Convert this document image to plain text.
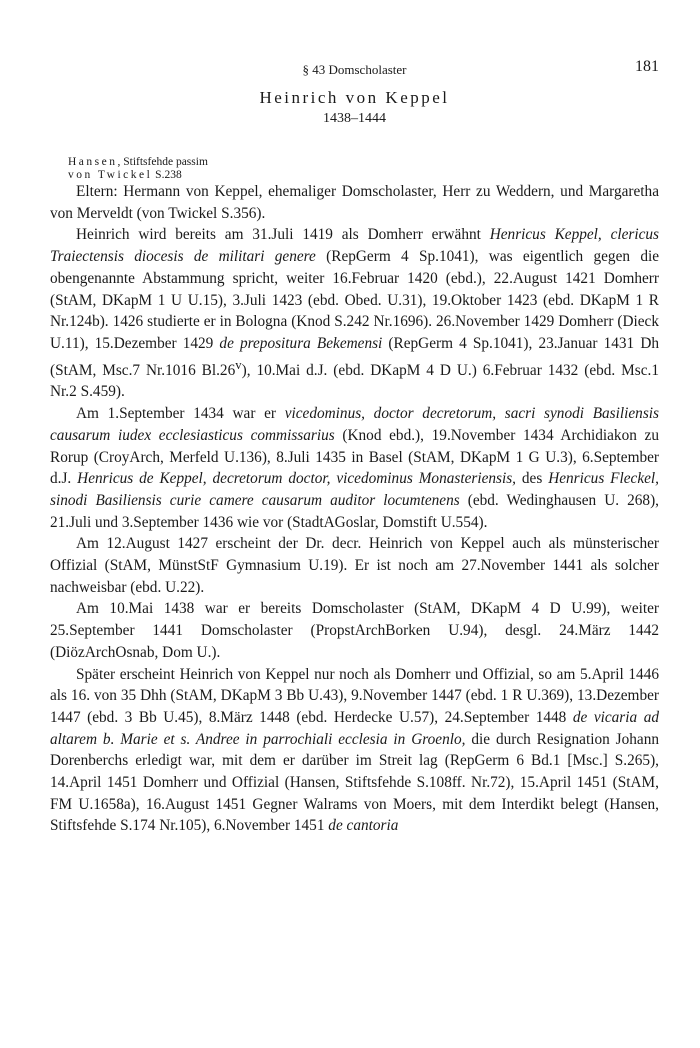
§ 43 Domscholaster	181
Heinrich von Keppel
1438–1444
Hansen, Stiftsfehde passim
von Twickel S.238

Eltern: Hermann von Keppel, ehemaliger Domscholaster, Herr zu Weddern, und Margaretha von Merveldt (von Twickel S.356).

Heinrich wird bereits am 31.Juli 1419 als Domherr erwähnt Henricus Keppel, clericus Traiectensis diocesis de militari genere (RepGerm 4 Sp.1041), was eigentlich gegen die obengenannte Abstammung spricht, weiter 16.Februar 1420 (ebd.), 22.August 1421 Domherr (StAM, DKapM 1 U U.15), 3.Juli 1423 (ebd. Obed. U.31), 19.Oktober 1423 (ebd. DKapM 1 R Nr.124b). 1426 studierte er in Bologna (Knod S.242 Nr.1696). 26.November 1429 Domherr (Dieck U.11), 15.Dezember 1429 de prepositura Bekemensi (RepGerm 4 Sp.1041), 23.Januar 1431 Dh (StAM, Msc.7 Nr.1016 Bl.26$^v$), 10.Mai d.J. (ebd. DKapM 4 D U.) 6.Februar 1432 (ebd. Msc.1 Nr.2 S.459).

Am 1.September 1434 war er vicedominus, doctor decretorum, sacri synodi Basiliensis causarum iudex ecclesiasticus commissarius (Knod ebd.), 19.November 1434 Archidiakon zu Rorup (CroyArch, Merfeld U.136), 8.Juli 1435 in Basel (StAM, DKapM 1 G U.3), 6.September d.J. Henricus de Keppel, decretorum doctor, vicedominus Monasteriensis, des Henricus Fleckel, sinodi Basiliensis curie camere causarum auditor locumtenens (ebd. Wedinghausen U. 268), 21.Juli und 3.September 1436 wie vor (StadtAGoslar, Domstift U.554).

Am 12.August 1427 erscheint der Dr. decr. Heinrich von Keppel auch als münsterischer Offizial (StAM, MünstStF Gymnasium U.19). Er ist noch am 27.November 1441 als solcher nachweisbar (ebd. U.22).

Am 10.Mai 1438 war er bereits Domscholaster (StAM, DKapM 4 D U.99), weiter 25.September 1441 Domscholaster (PropstArchBorken U.94), desgl. 24.März 1442 (DiözArchOsnab, Dom U.).

Später erscheint Heinrich von Keppel nur noch als Domherr und Offizial, so am 5.April 1446 als 16. von 35 Dhh (StAM, DKapM 3 Bb U.43), 9.November 1447 (ebd. 1 R U.369), 13.Dezember 1447 (ebd. 3 Bb U.45), 8.März 1448 (ebd. Herdecke U.57), 24.September 1448 de vicaria ad altarem b. Marie et s. Andree in parrochiali ecclesia in Groenlo, die durch Resignation Johann Dorenberchs erledigt war, mit dem er darüber im Streit lag (RepGerm 6 Bd.1 [Msc.] S.265), 14.April 1451 Domherr und Offizial (Hansen, Stiftsfehde S.108ff. Nr.72), 15.April 1451 (StAM, FM U.1658a), 16.August 1451 Gegner Walrams von Moers, mit dem Interdikt belegt (Hansen, Stiftsfehde S.174 Nr.105), 6.November 1451 de cantoria
